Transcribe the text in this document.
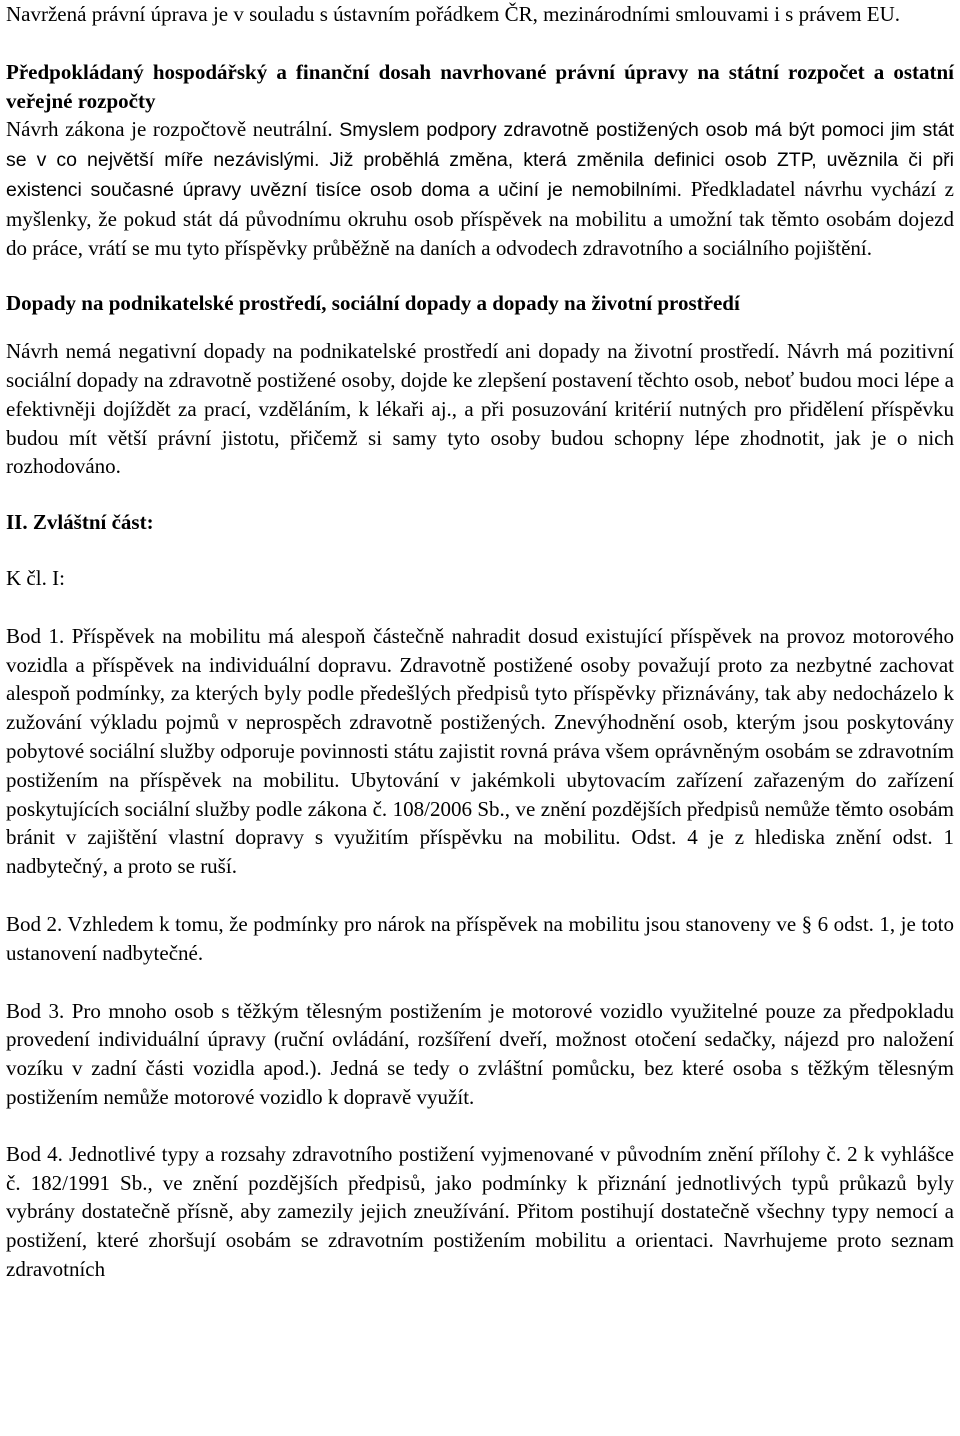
Navržená právní úprava je v souladu s ústavním pořádkem ČR, mezinárodními smlouvami i s právem EU.

Předpokládaný hospodářský a finanční dosah navrhované právní úpravy na státní rozpočet a ostatní veřejné rozpočty

Návrh zákona je rozpočtově neutrální. Smyslem podpory zdravotně postižených osob má být pomoci jim stát se v co největší míře nezávislými. Již proběhlá změna, která změnila definici osob ZTP, uvěznila či při existenci současné úpravy uvězní tisíce osob doma a učiní je nemobilními. Předkladatel návrhu vychází z myšlenky, že pokud stát dá původnímu okruhu osob příspěvek na mobilitu a umožní tak těmto osobám dojezd do práce, vrátí se mu tyto příspěvky průběžně na daních a odvodech zdravotního a sociálního pojištění.

Dopady na podnikatelské prostředí, sociální dopady a dopady na životní prostředí

Návrh nemá negativní dopady na podnikatelské prostředí ani dopady na životní prostředí. Návrh má pozitivní sociální dopady na zdravotně postižené osoby, dojde ke zlepšení postavení těchto osob, neboť budou moci lépe a efektivněji dojíždět za prací, vzděláním, k lékaři aj., a při posuzování kritérií nutných pro přidělení příspěvku budou mít větší právní jistotu, přičemž si samy tyto osoby budou schopny lépe zhodnotit, jak je o nich rozhodováno.

II. Zvláštní část:

K čl. I:

Bod 1. Příspěvek na mobilitu má alespoň částečně nahradit dosud existující příspěvek na provoz motorového vozidla a příspěvek na individuální dopravu. Zdravotně postižené osoby považují proto za nezbytné zachovat alespoň podmínky, za kterých byly podle předešlých předpisů tyto příspěvky přiznávány, tak aby nedocházelo k zužování výkladu pojmů v neprospěch zdravotně postižených. Znevýhodnění osob, kterým jsou poskytovány pobytové sociální služby odporuje povinnosti státu zajistit rovná práva všem oprávněným osobám se zdravotním postižením na příspěvek na mobilitu. Ubytování v jakémkoli ubytovacím zařízení zařazeným do zařízení poskytujících sociální služby podle zákona č. 108/2006 Sb., ve znění pozdějších předpisů nemůže těmto osobám bránit v zajištění vlastní dopravy s využitím příspěvku na mobilitu. Odst. 4 je z hlediska znění odst. 1 nadbytečný, a proto se ruší.

Bod 2. Vzhledem k tomu, že podmínky pro nárok na příspěvek na mobilitu jsou stanoveny ve § 6 odst. 1, je toto ustanovení nadbytečné.

Bod 3. Pro mnoho osob s těžkým tělesným postižením je motorové vozidlo využitelné pouze za předpokladu provedení individuální úpravy (ruční ovládání, rozšíření dveří, možnost otočení sedačky, nájezd pro naložení vozíku v zadní části vozidla apod.). Jedná se tedy o zvláštní pomůcku, bez které osoba s těžkým tělesným postižením nemůže motorové vozidlo k dopravě využít.

Bod 4. Jednotlivé typy a rozsahy zdravotního postižení vyjmenované v původním znění přílohy č. 2 k vyhlášce č. 182/1991 Sb., ve znění pozdějších předpisů, jako podmínky k přiznání jednotlivých typů průkazů byly vybrány dostatečně přísně, aby zamezily jejich zneužívání. Přitom postihují dostatečně všechny typy nemocí a postižení, které zhoršují osobám se zdravotním postižením mobilitu a orientaci. Navrhujeme proto seznam zdravotních
